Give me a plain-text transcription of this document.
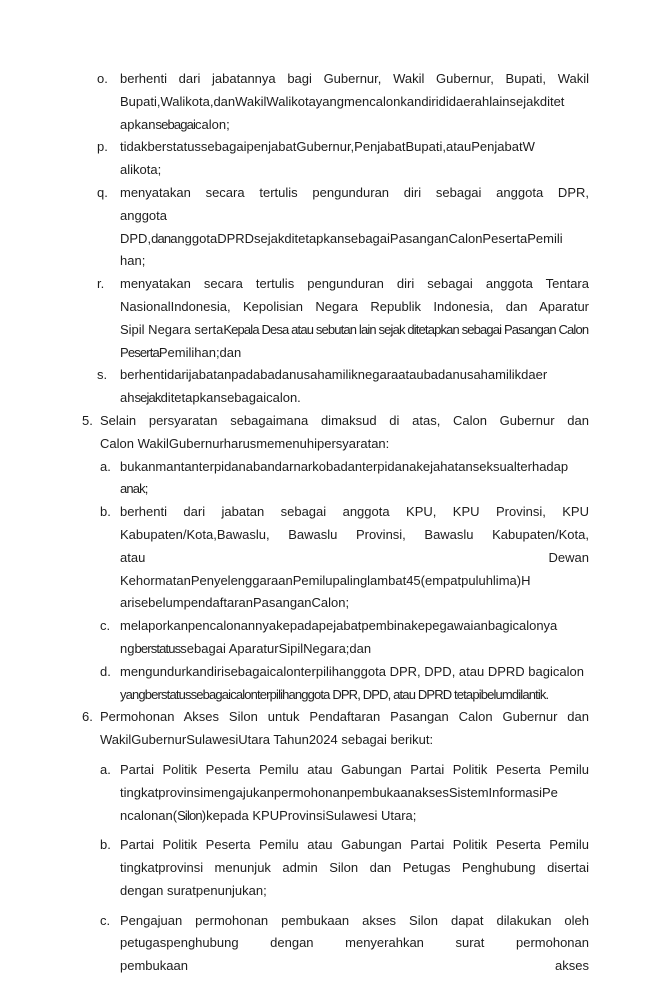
o. berhenti dari jabatannya bagi Gubernur, Wakil Gubernur, Bupati, Wakil
Bupati,Walikota,danWakilWalikotayangmencalonkandirididaerahlainsejakditet
apkansebagaicalon;
p. tidakberstatussebagaipenjabatGubernur,PenjabatBupati,atauPenjabatW
alikota;
q. menyatakan secara tertulis pengunduran diri sebagai anggota DPR,
anggota
DPD,dananggotaDPRDsejakditetapkansebagaiPasanganCalonPesertaPemili
han;
r.	menyatakan secara tertulis pengunduran diri sebagai anggota Tentara
NasionalIndonesia, Kepolisian Negara Republik Indonesia, dan Aparatur
Sipil Negara sertaKepala Desa atau sebutan lain sejak ditetapkan sebagai Pasangan Calon
PesertaPemilihan;dan
s. berhentidarijabatanpadabadanusahamiliknegaraataubadanusahamilikdaer
ahsejakditetapkansebagaicalon.
5. Selain persyaratan sebagaimana dimaksud di atas, Calon Gubernur dan
Calon WakilGubernurharusmemenuhipersyaratan:
a. bukanmantanterpidanabandarnarkobadanterpidanakejahatanseksualterhadap
anak;
b. berhenti dari jabatan sebagai anggota KPU, KPU Provinsi, KPU
Kabupaten/Kota,Bawaslu, Bawaslu Provinsi, Bawaslu Kabupaten/Kota,
atau Dewan
KehormatanPenyelenggaraanPemilupalinglambat45(empatpuluhlima)H
arisebelumpendaftaranPasanganCalon;
c. melaporkanpencalonannyakepadapejabatpembinakepegawaianbagicalonya
ngberstatussebagai AparaturSipilNegara;dan
d. mengundurkandirisebagaicalonterpilihanggota DPR, DPD, atau DPRD bagicalon
yangberstatussebagaicalonterpilihanggota DPR, DPD, atau DPRD tetapibelumdilantik.
6. Permohonan Akses Silon untuk Pendaftaran Pasangan Calon Gubernur dan
WakilGubernurSulawesiUtara Tahun2024 sebagai berikut:
a. Partai Politik Peserta Pemilu atau Gabungan Partai Politik Peserta Pemilu
tingkatprovinsimengajukanpermohonanpembukaanaksesSistemInformasiPe
ncalonan(Silon)kepada KPUProvinsiSulawesi Utara;
b. Partai Politik Peserta Pemilu atau Gabungan Partai Politik Peserta Pemilu
tingkatprovinsi menunjuk admin Silon dan Petugas Penghubung disertai
dengan suratpenunjukan;
c. Pengajuan permohonan pembukaan akses Silon dapat dilakukan oleh
petugaspenghubung dengan menyerahkan surat permohonan
pembukaan akses
